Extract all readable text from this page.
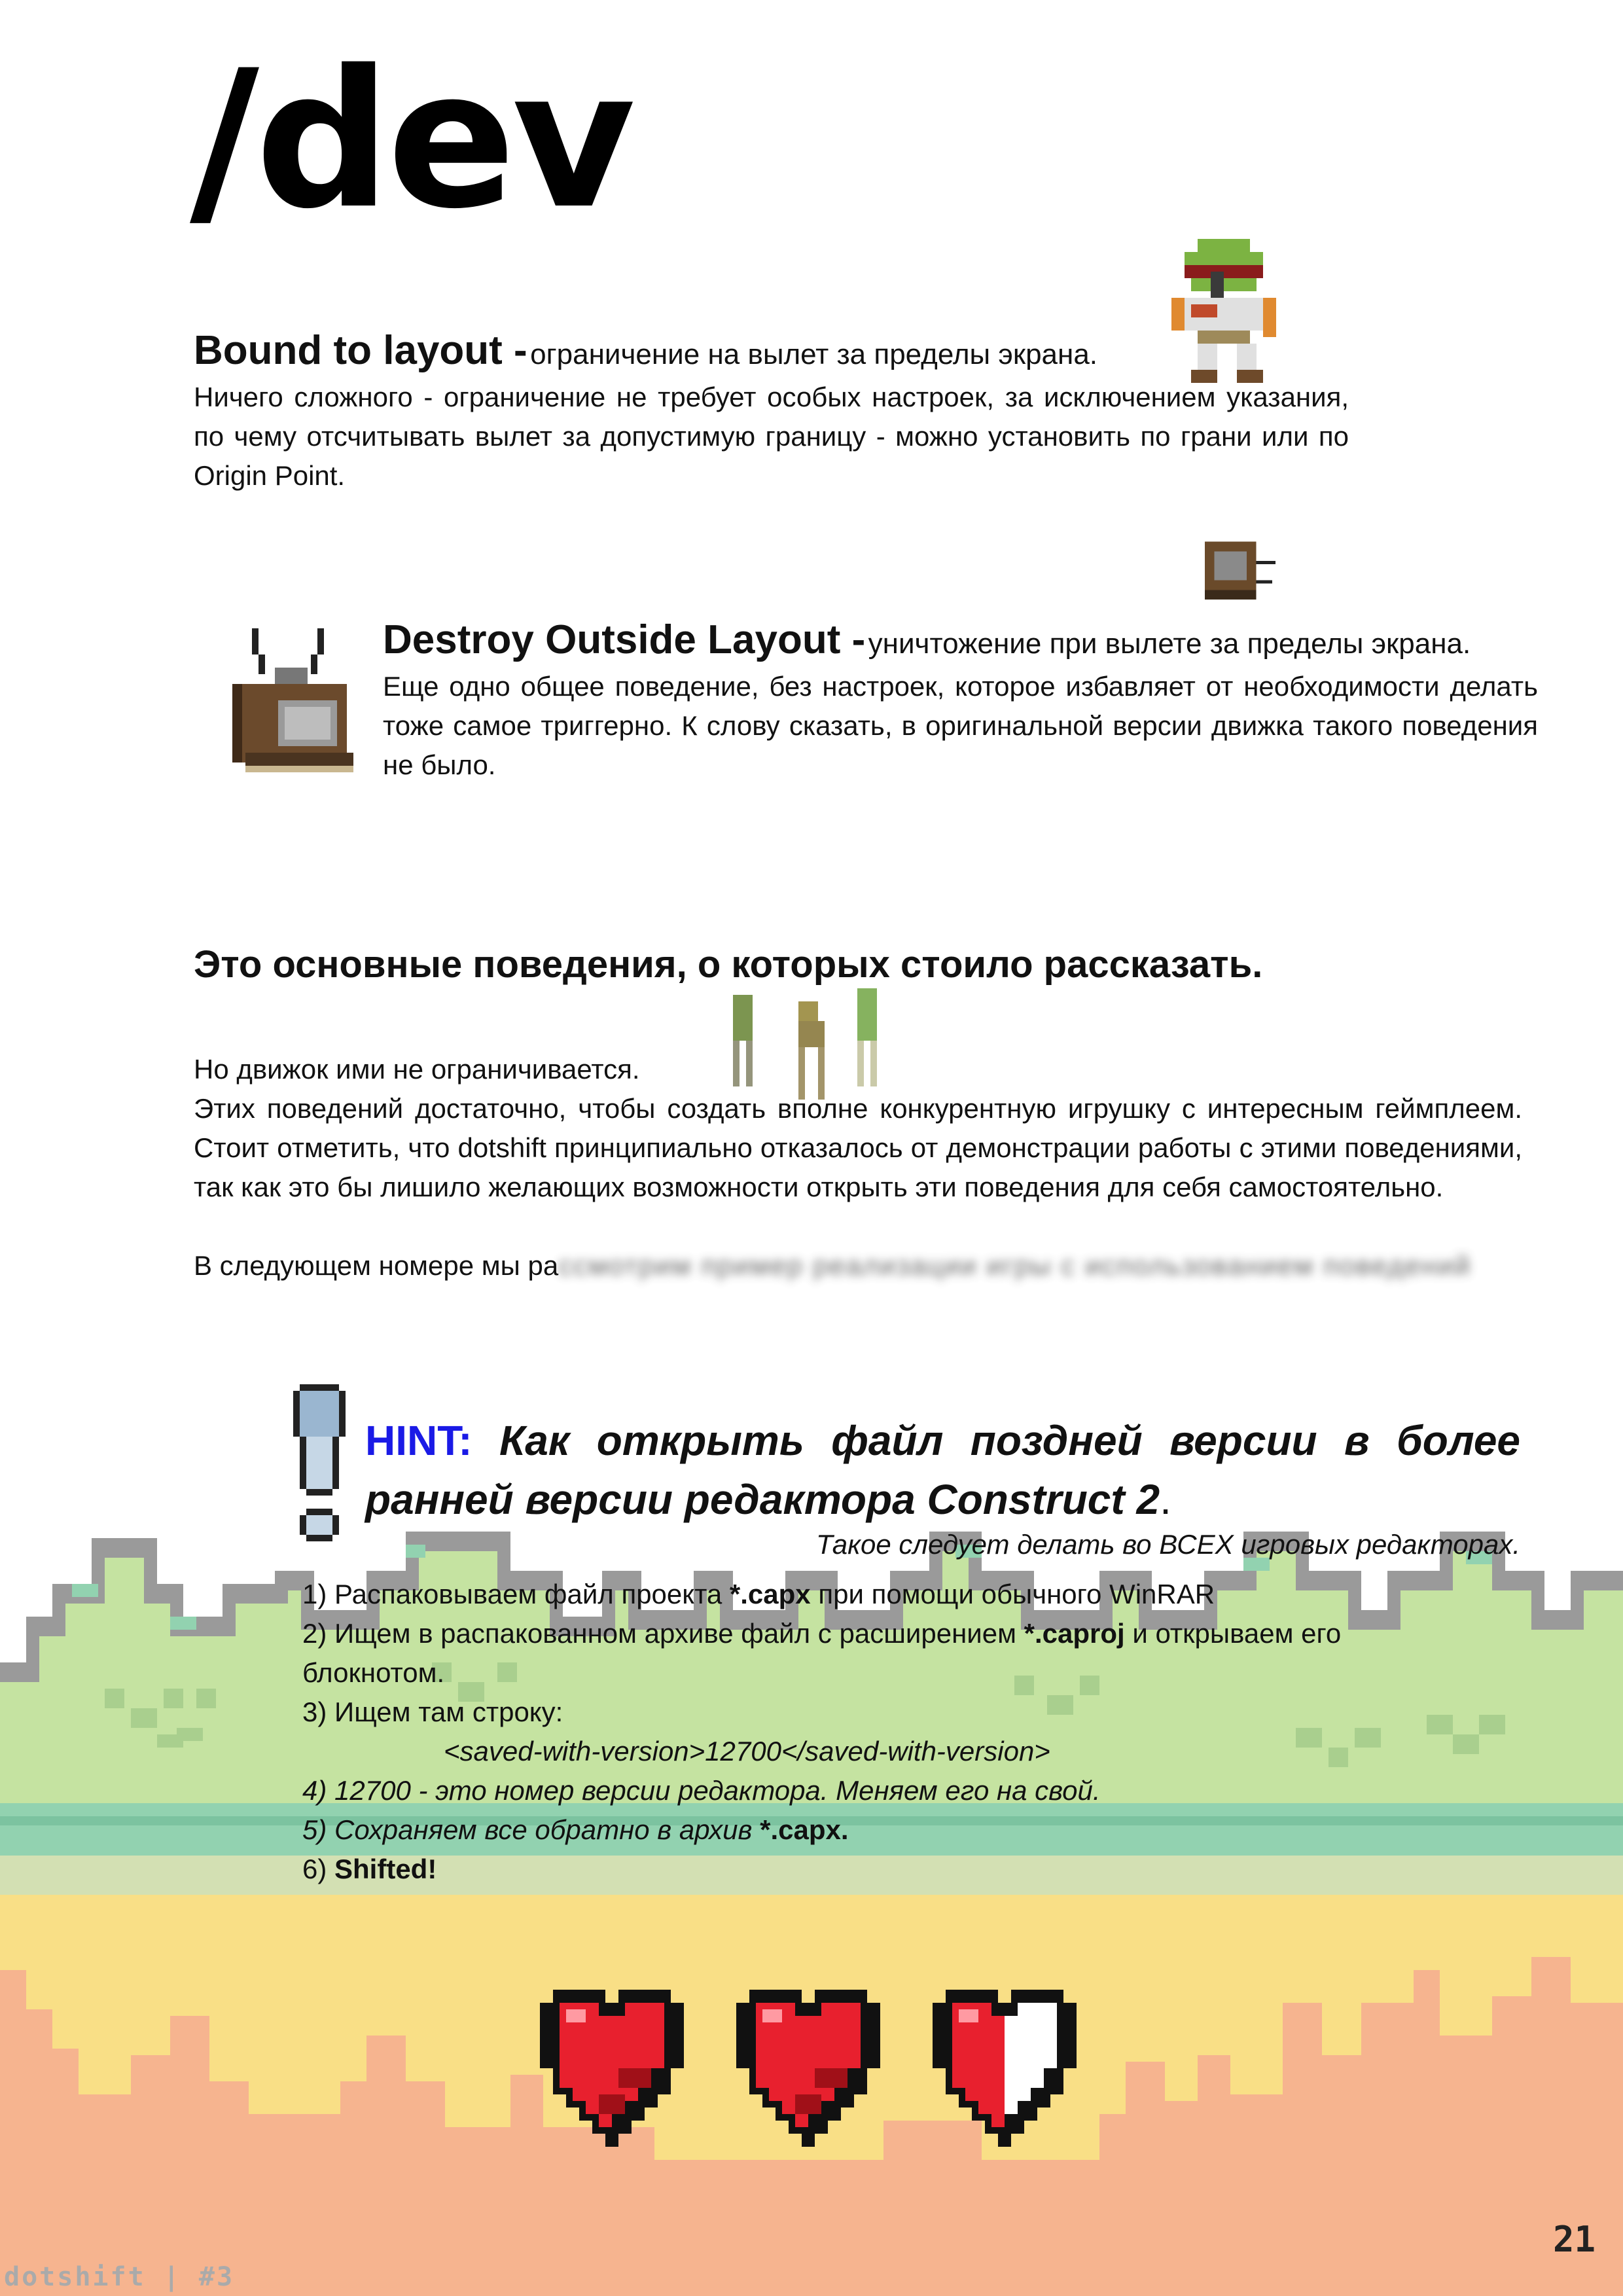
/dev
Bound to layout - ограничение на вылет за пределы экрана.
Ничего сложного - ограничение не требует особых настроек, за исключением указания, по чему отсчитывать вылет за допустимую границу - можно установить по грани или по Origin Point.
Destroy Outside Layout - уничтожение при вылете за пределы экрана.
Еще одно общее поведение, без настроек, которое избавляет от необходимости делать тоже самое триггерно. К слову сказать, в оригинальной версии движка такого поведения не было.
Это основные поведения, о которых стоило рассказать.
Но движок ими не ограничивается.
Этих поведений достаточно, чтобы создать вполне конкурентную игрушку с интересным геймплеем. Стоит отметить, что dotshift принципиально отказалось от демонстрации работы с этими поведениями, так как это бы лишило желающих возможности открыть эти поведения для себя самостоятельно.
В следующем номере мы рассмотрим пример реализации игры с использованием поведений
HINT: Как открыть файл поздней версии в более ранней версии редактора Construct 2.
Такое следует делать во ВСЕХ игровых редакторах.
1) Распаковываем файл проекта *.capx при помощи обычного WinRAR
2) Ищем в распакованном архиве файл с расширением *.caproj и открываем его блокнотом.
3) Ищем там строку:
<saved-with-version>12700</saved-with-version>
4) 12700 - это номер версии редактора. Меняем его на свой.
5) Сохраняем все обратно в архив *.capx.
6) Shifted!
21
dotshift | #3
